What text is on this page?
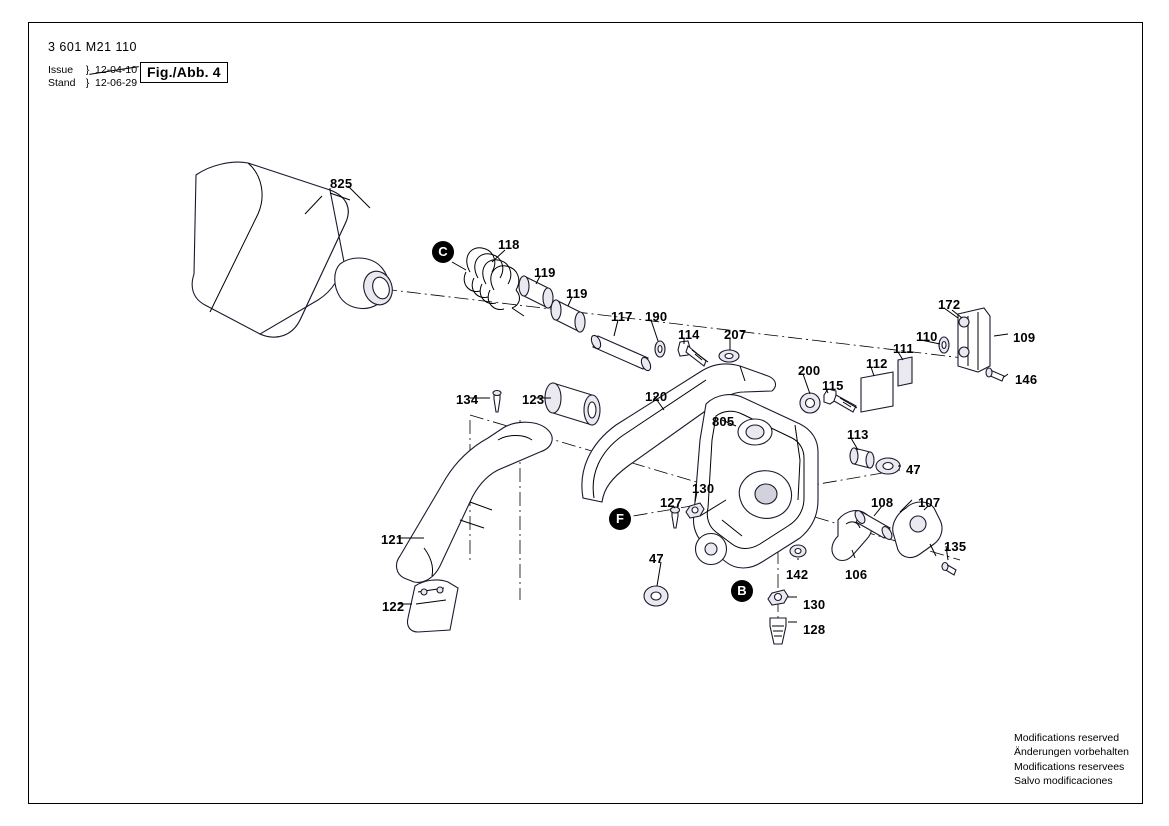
3 601 M21 110
Issue	} 12-04-10
Stand } 12-06-29
Fig./Abb. 4
825
118
119
119
117 190
114 207
200
115
112
111
110
172
109
146
113
47
120
805
134	123
121
122
130
127
47
142	106
108 107
135
130
128
C
F
B
Modifications reserved
Änderungen vorbehalten
Modifications reservees
Salvo modificaciones
